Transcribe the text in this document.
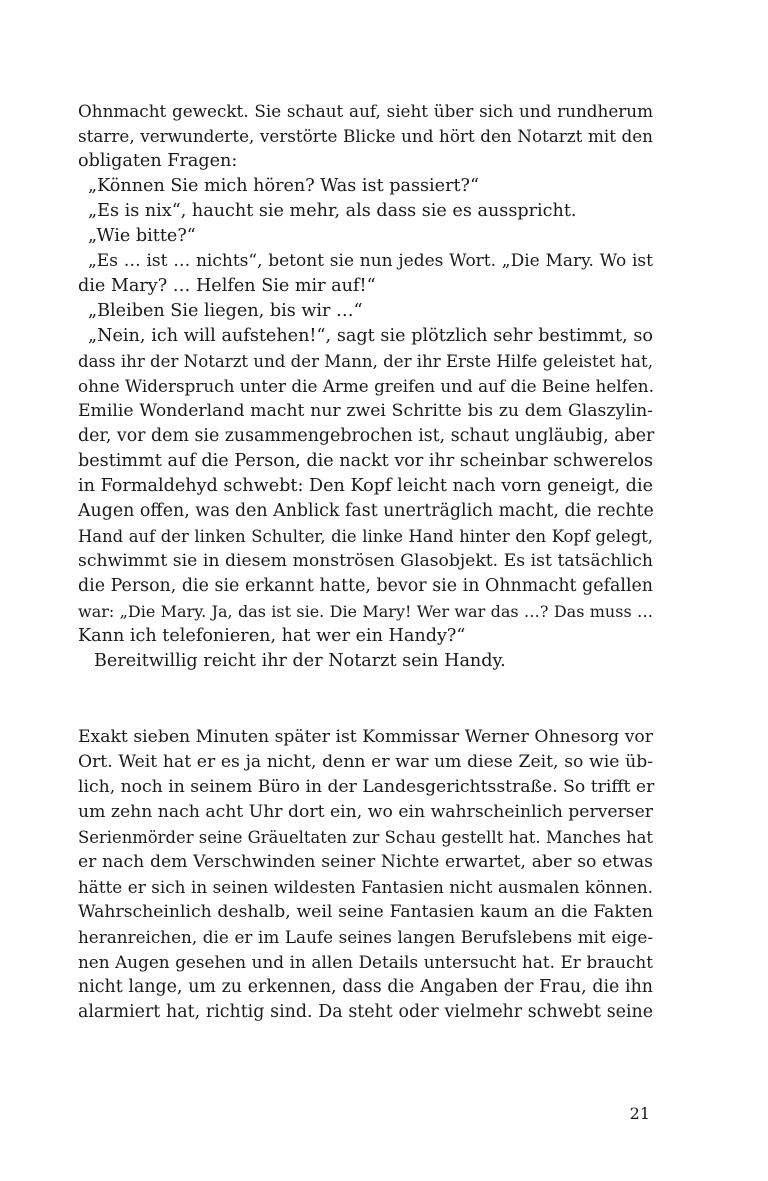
Ohnmacht geweckt. Sie schaut auf, sieht über sich und rundherum
starre, verwunderte, verstörte Blicke und hört den Notarzt mit den
obligaten Fragen:
„Können Sie mich hören? Was ist passiert?“
„Es is nix“, haucht sie mehr, als dass sie es ausspricht.
„Wie bitte?“
„Es … ist … nichts“, betont sie nun jedes Wort. „Die Mary. Wo ist
die Mary? … Helfen Sie mir auf!“
„Bleiben Sie liegen, bis wir …“
„Nein, ich will aufstehen!“, sagt sie plötzlich sehr bestimmt, so
dass ihr der Notarzt und der Mann, der ihr Erste Hilfe geleistet hat,
ohne Widerspruch unter die Arme greifen und auf die Beine helfen.
Emilie Wonderland macht nur zwei Schritte bis zu dem Glaszylin-
der, vor dem sie zusammengebrochen ist, schaut ungläubig, aber
bestimmt auf die Person, die nackt vor ihr scheinbar schwerelos
in Formaldehyd schwebt: Den Kopf leicht nach vorn geneigt, die
Augen offen, was den Anblick fast unerträglich macht, die rechte
Hand auf der linken Schulter, die linke Hand hinter den Kopf gelegt,
schwimmt sie in diesem monströsen Glasobjekt. Es ist tatsächlich
die Person, die sie erkannt hatte, bevor sie in Ohnmacht gefallen
war: „Die Mary. Ja, das ist sie. Die Mary! Wer war das …? Das muss …
Kann ich telefonieren, hat wer ein Handy?“
Bereitwillig reicht ihr der Notarzt sein Handy.
Exakt sieben Minuten später ist Kommissar Werner Ohnesorg vor
Ort. Weit hat er es ja nicht, denn er war um diese Zeit, so wie üb-
lich, noch in seinem Büro in der Landesgerichtsstraße. So trifft er
um zehn nach acht Uhr dort ein, wo ein wahrscheinlich perverser
Serienmörder seine Gräueltaten zur Schau gestellt hat. Manches hat
er nach dem Verschwinden seiner Nichte erwartet, aber so etwas
hätte er sich in seinen wildesten Fantasien nicht ausmalen können.
Wahrscheinlich deshalb, weil seine Fantasien kaum an die Fakten
heranreichen, die er im Laufe seines langen Berufslebens mit eige-
nen Augen gesehen und in allen Details untersucht hat. Er braucht
nicht lange, um zu erkennen, dass die Angaben der Frau, die ihn
alarmiert hat, richtig sind. Da steht oder vielmehr schwebt seine
21
